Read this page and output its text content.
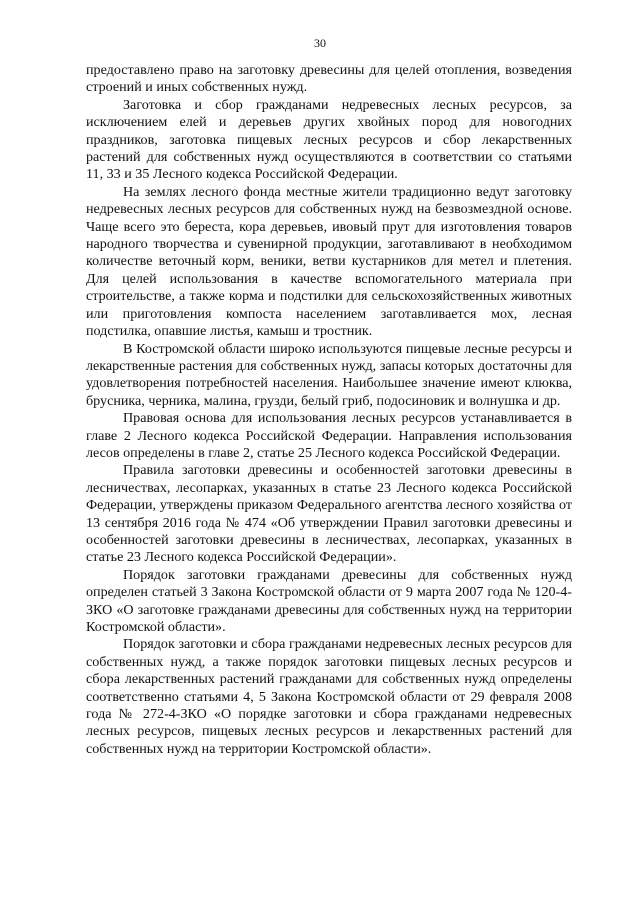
30

предоставлено право на заготовку древесины для целей отопления, возведения строений и иных собственных нужд.

Заготовка и сбор гражданами недревесных лесных ресурсов, за исключением елей и деревьев других хвойных пород для новогодних праздников, заготовка пищевых лесных ресурсов и сбор лекарственных растений для собственных нужд осуществляются в соответствии со статьями 11, 33 и 35 Лесного кодекса Российской Федерации.

На землях лесного фонда местные жители традиционно ведут заготовку недревесных лесных ресурсов для собственных нужд на безвозмездной основе. Чаще всего это береста, кора деревьев, ивовый прут для изготовления товаров народного творчества и сувенирной продукции, заготавливают в необходимом количестве веточный корм, веники, ветви кустарников для метел и плетения. Для целей использования в качестве вспомогательного материала при строительстве, а также корма и подстилки для сельскохозяйственных животных или приготовления компоста населением заготавливается мох, лесная подстилка, опавшие листья, камыш и тростник.

В Костромской области широко используются пищевые лесные ресурсы и лекарственные растения для собственных нужд, запасы которых достаточны для удовлетворения потребностей населения. Наибольшее значение имеют клюква, брусника, черника, малина, грузди, белый гриб, подосиновик и волнушка и др.

Правовая основа для использования лесных ресурсов устанавливается в главе 2 Лесного кодекса Российской Федерации. Направления использования лесов определены в главе 2, статье 25 Лесного кодекса Российской Федерации.

Правила заготовки древесины и особенностей заготовки древесины в лесничествах, лесопарках, указанных в статье 23 Лесного кодекса Российской Федерации, утверждены приказом Федерального агентства лесного хозяйства от 13 сентября 2016 года № 474 «Об утверждении Правил заготовки древесины и особенностей заготовки древесины в лесничествах, лесопарках, указанных в статье 23 Лесного кодекса Российской Федерации».

Порядок заготовки гражданами древесины для собственных нужд определен статьей 3 Закона Костромской области от 9 марта 2007 года № 120-4-ЗКО «О заготовке гражданами древесины для собственных нужд на территории Костромской области».

Порядок заготовки и сбора гражданами недревесных лесных ресурсов для собственных нужд, а также порядок заготовки пищевых лесных ресурсов и сбора лекарственных растений гражданами для собственных нужд определены соответственно статьями 4, 5 Закона Костромской области от 29 февраля 2008 года № 272-4-ЗКО «О порядке заготовки и сбора гражданами недревесных лесных ресурсов, пищевых лесных ресурсов и лекарственных растений для собственных нужд на территории Костромской области».
